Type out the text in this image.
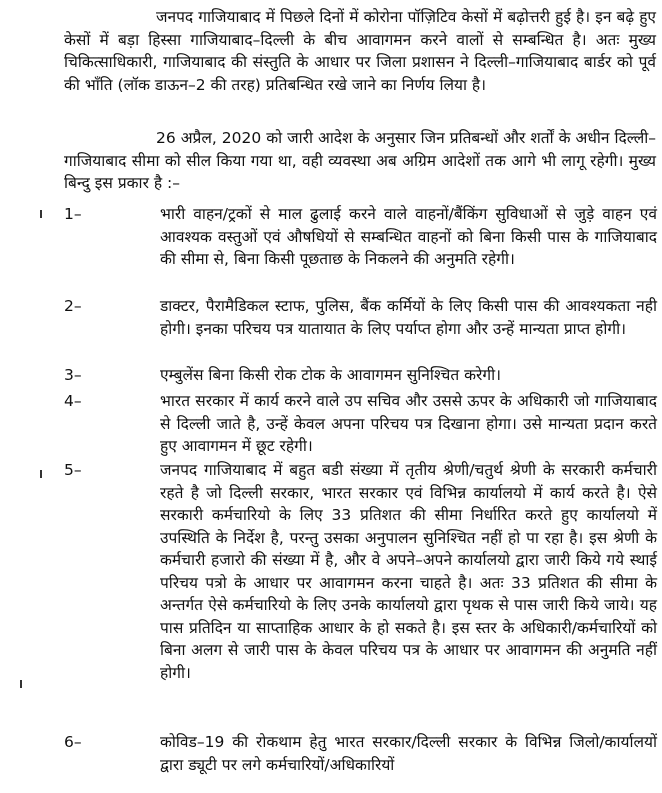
जनपद गाजियाबाद में पिछले दिनों में कोरोना पॉज़िटिव केसों में बढ़ोत्तरी हुई है। इन बढ़े हुए केसों में बड़ा हिस्सा गाजियाबाद–दिल्ली के बीच आवागमन करने वालों से सम्बन्धित है। अतः मुख्य चिकित्साधिकारी, गाजियाबाद की संस्तुति के आधार पर जिला प्रशासन ने दिल्ली–गाजियाबाद बार्डर को पूर्व की भाँति (लॉक डाऊन–2 की तरह) प्रतिबन्धित रखे जाने का निर्णय लिया है।
26 अप्रैल, 2020 को जारी आदेश के अनुसार जिन प्रतिबन्धों और शर्तों के अधीन दिल्ली–गाजियाबाद सीमा को सील किया गया था, वही व्यवस्था अब अग्रिम आदेशों तक आगे भी लागू रहेगी। मुख्य बिन्दु इस प्रकार है :–
1–	भारी वाहन/ट्रकों से माल ढुलाई करने वाले वाहनों/बैंकिंग सुविधाओं से जुड़े वाहन एवं आवश्यक वस्तुओं एवं औषधियों से सम्बन्धित वाहनों को बिना किसी पास के गाजियाबाद की सीमा से, बिना किसी पूछताछ के निकलने की अनुमति रहेगी।
2–	डाक्टर, पैरामैडिकल स्टाफ, पुलिस, बैंक कर्मियों के लिए किसी पास की आवश्यकता नही होगी। इनका परिचय पत्र यातायात के लिए पर्याप्त होगा और उन्हें मान्यता प्राप्त होगी।
3–	एम्बुलेंस बिना किसी रोक टोक के आवागमन सुनिश्चित करेगी।
4–	भारत सरकार में कार्य करने वाले उप सचिव और उससे ऊपर के अधिकारी जो गाजियाबाद से दिल्ली जाते है, उन्हें केवल अपना परिचय पत्र दिखाना होगा। उसे मान्यता प्रदान करते हुए आवागमन में छूट रहेगी।
5–	जनपद गाजियाबाद में बहुत बडी संख्या में तृतीय श्रेणी/चतुर्थ श्रेणी के सरकारी कर्मचारी रहते है जो दिल्ली सरकार, भारत सरकार एवं विभिन्न कार्यालयो में कार्य करते है। ऐसे सरकारी कर्मचारियो के लिए 33 प्रतिशत की सीमा निर्धारित करते हुए कार्यालयो में उपस्थिति के निर्देश है, परन्तु उसका अनुपालन सुनिश्चित नहीं हो पा रहा है। इस श्रेणी के कर्मचारी हजारो की संख्या में है, और वे अपने–अपने कार्यालयो द्वारा जारी किये गये स्थाई परिचय पत्रो के आधार पर आवागमन करना चाहते है। अतः 33 प्रतिशत की सीमा के अन्तर्गत ऐसे कर्मचारियो के लिए उनके कार्यालयो द्वारा पृथक से पास जारी किये जाये। यह पास प्रतिदिन या साप्ताहिक आधार के हो सकते है। इस स्तर के अधिकारी/कर्मचारियों को बिना अलग से जारी पास के केवल परिचय पत्र के आधार पर आवागमन की अनुमति नहीं होगी।
6–	कोविड–19 की रोकथाम हेतु भारत सरकार/दिल्ली सरकार के विभिन्न जिलो/कार्यालयों द्वारा ड्यूटी पर लगे कर्मचारियों/अधिकारियों
